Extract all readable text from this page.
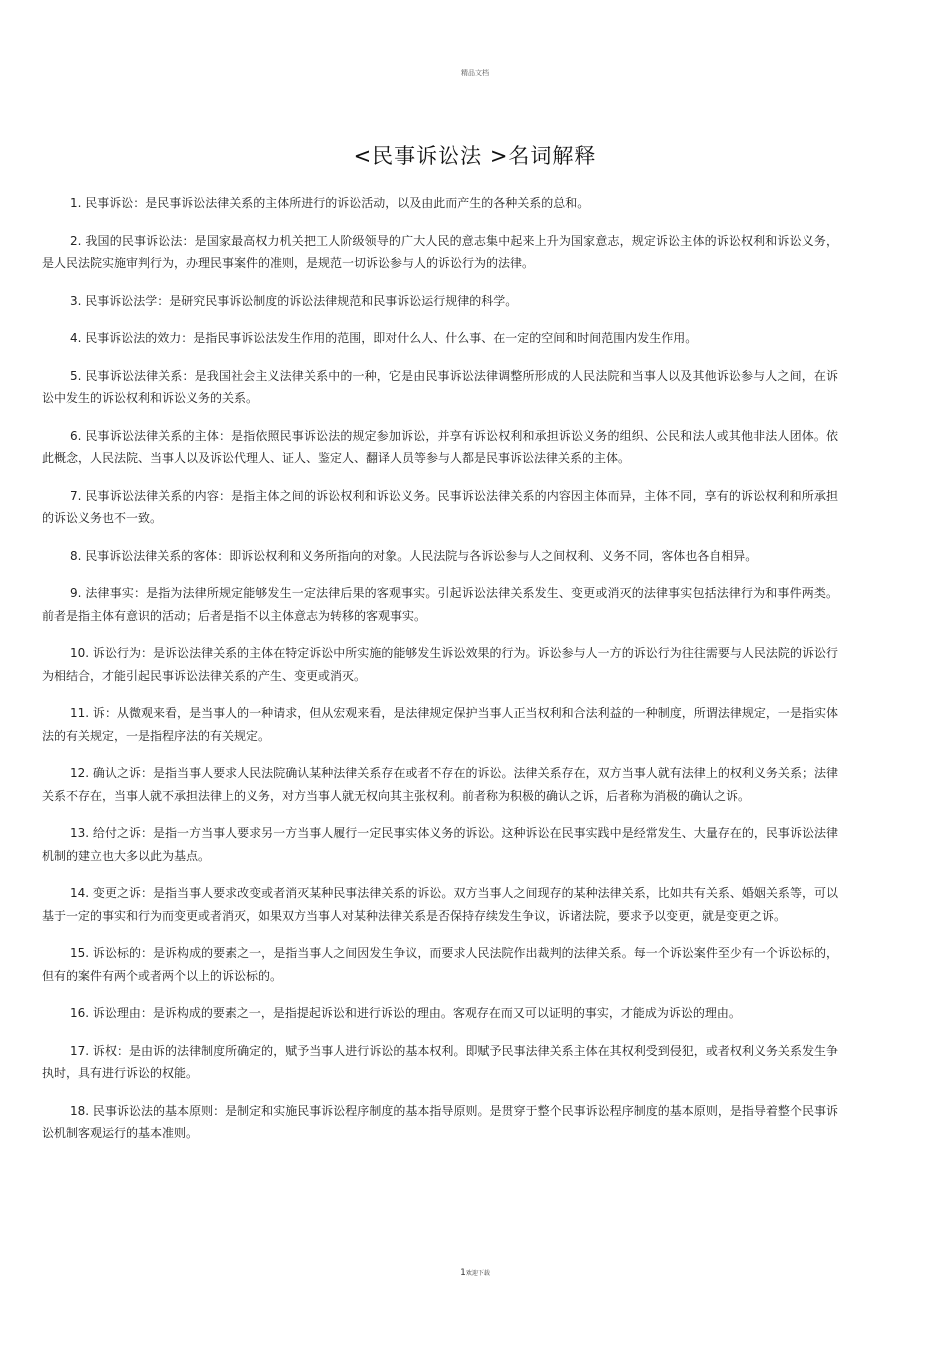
精品文档
<民事诉讼法 >名词解释

1. 民事诉讼：是民事诉讼法律关系的主体所进行的诉讼活动，以及由此而产生的各种关系的总和。

2. 我国的民事诉讼法：是国家最高权力机关把工人阶级领导的广大人民的意志集中起来上升为国家意志，规定诉讼主体的诉讼权利和诉讼义务，是人民法院实施审判行为，办理民事案件的准则，是规范一切诉讼参与人的诉讼行为的法律。

3. 民事诉讼法学：是研究民事诉讼制度的诉讼法律规范和民事诉讼运行规律的科学。

4. 民事诉讼法的效力：是指民事诉讼法发生作用的范围，即对什么人、什么事、在一定的空间和时间范围内发生作用。

5. 民事诉讼法律关系：是我国社会主义法律关系中的一种，它是由民事诉讼法律调整所形成的人民法院和当事人以及其他诉讼参与人之间，在诉讼中发生的诉讼权利和诉讼义务的关系。

6. 民事诉讼法律关系的主体：是指依照民事诉讼法的规定参加诉讼，并享有诉讼权利和承担诉讼义务的组织、公民和法人或其他非法人团体。依此概念，人民法院、当事人以及诉讼代理人、证人、鉴定人、翻译人员等参与人都是民事诉讼法律关系的主体。

7. 民事诉讼法律关系的内容：是指主体之间的诉讼权利和诉讼义务。民事诉讼法律关系的内容因主体而异，主体不同，享有的诉讼权利和所承担的诉讼义务也不一致。

8. 民事诉讼法律关系的客体：即诉讼权利和义务所指向的对象。人民法院与各诉讼参与人之间权利、义务不同，客体也各自相异。

9. 法律事实：是指为法律所规定能够发生一定法律后果的客观事实。引起诉讼法律关系发生、变更或消灭的法律事实包括法律行为和事件两类。前者是指主体有意识的活动；后者是指不以主体意志为转移的客观事实。

10. 诉讼行为：是诉讼法律关系的主体在特定诉讼中所实施的能够发生诉讼效果的行为。诉讼参与人一方的诉讼行为往往需要与人民法院的诉讼行为相结合，才能引起民事诉讼法律关系的产生、变更或消灭。

11. 诉：从微观来看，是当事人的一种请求，但从宏观来看，是法律规定保护当事人正当权利和合法利益的一种制度，所谓法律规定，一是指实体法的有关规定，一是指程序法的有关规定。

12. 确认之诉：是指当事人要求人民法院确认某种法律关系存在或者不存在的诉讼。法律关系存在，双方当事人就有法律上的权利义务关系；法律关系不存在，当事人就不承担法律上的义务，对方当事人就无权向其主张权利。前者称为积极的确认之诉，后者称为消极的确认之诉。

13. 给付之诉：是指一方当事人要求另一方当事人履行一定民事实体义务的诉讼。这种诉讼在民事实践中是经常发生、大量存在的，民事诉讼法律机制的建立也大多以此为基点。

14. 变更之诉：是指当事人要求改变或者消灭某种民事法律关系的诉讼。双方当事人之间现存的某种法律关系，比如共有关系、婚姻关系等，可以基于一定的事实和行为而变更或者消灭，如果双方当事人对某种法律关系是否保持存续发生争议，诉诸法院，要求予以变更，就是变更之诉。

15. 诉讼标的：是诉构成的要素之一，是指当事人之间因发生争议，而要求人民法院作出裁判的法律关系。每一个诉讼案件至少有一个诉讼标的，但有的案件有两个或者两个以上的诉讼标的。

16. 诉讼理由：是诉构成的要素之一，是指提起诉讼和进行诉讼的理由。客观存在而又可以证明的事实，才能成为诉讼的理由。

17. 诉权：是由诉的法律制度所确定的，赋予当事人进行诉讼的基本权利。即赋予民事法律关系主体在其权利受到侵犯，或者权利义务关系发生争执时，具有进行诉讼的权能。

18. 民事诉讼法的基本原则：是制定和实施民事诉讼程序制度的基本指导原则。是贯穿于整个民事诉讼程序制度的基本原则，是指导着整个民事诉讼机制客观运行的基本准则。

1欢迎下载
